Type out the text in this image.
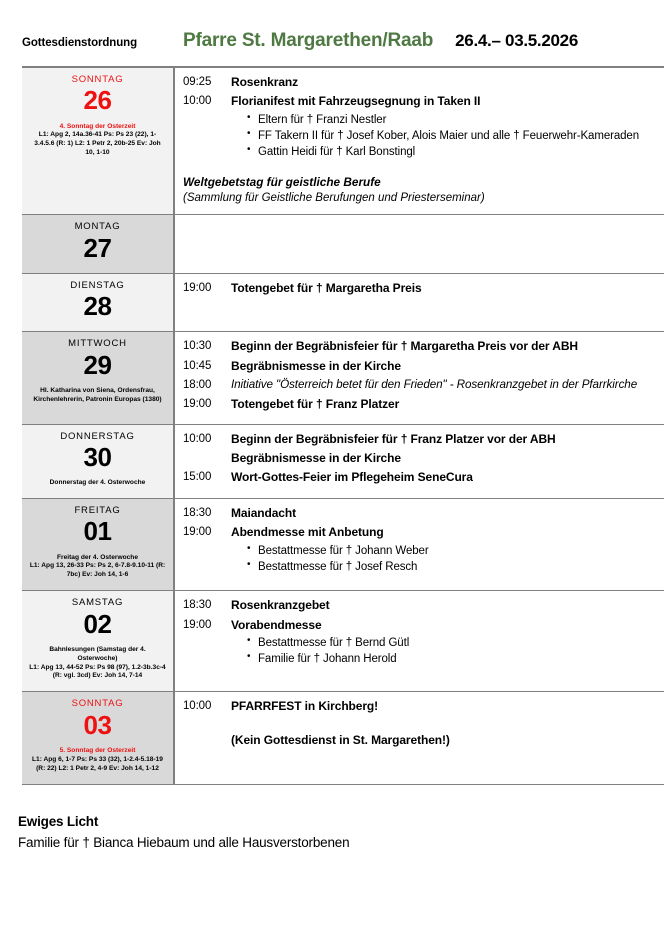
Gottesdienstordnung Pfarre St. Margarethen/Raab 26.4.– 03.5.2026
SONNTAG
26
4. Sonntag der Osterzeit
L1: Apg 2, 14a.36-41 Ps: Ps 23 (22), 1-3.4.5.6 (R: 1) L2: 1 Petr 2, 20b-25 Ev: Joh 10, 1-10

09:25	Rosenkranz
10:00	Florianifest mit Fahrzeugsegnung in Taken II
• Eltern für † Franzi Nestler
• FF Takern II für † Josef Kober, Alois Maier und alle † Feuerwehr-Kameraden
• Gattin Heidi für † Karl Bonstingl
Weltgebetstag für geistliche Berufe
(Sammlung für Geistliche Berufungen und Priesterseminar)

MONTAG
27	

DIENSTAG
28

19:00	Totengebet für † Margaretha Preis

MITTWOCH
29
Hl. Katharina von Siena, Ordensfrau, Kirchenlehrerin, Patronin Europas (1380)

10:30	Beginn der Begräbnisfeier für † Margaretha Preis vor der ABH
10:45	Begräbnismesse in der Kirche
18:00	Initiative "Österreich betet für den Frieden" - Rosenkranzgebet in der Pfarrkirche
19:00	Totengebet für † Franz Platzer

DONNERSTAG
30
Donnerstag der 4. Osterwoche

10:00	Beginn der Begräbnisfeier für † Franz Platzer vor der ABH
Begräbnismesse in der Kirche
15:00	Wort-Gottes-Feier im Pflegeheim SeneCura

FREITAG
01
Freitag der 4. Osterwoche
L1: Apg 13, 26-33 Ps: Ps 2, 6-7.8-9.10-11 (R: 7bc) Ev: Joh 14, 1-6

18:30	Maiandacht
19:00	Abendmesse mit Anbetung
• Bestattmesse für † Johann Weber
• Bestattmesse für † Josef Resch

SAMSTAG
02
Bahnlesungen (Samstag der 4. Osterwoche)
L1: Apg 13, 44-52 Ps: Ps 98 (97), 1.2-3b.3c-4 (R: vgl. 3cd) Ev: Joh 14, 7-14

18:30	Rosenkranzgebet
19:00	Vorabendmesse
• Bestattmesse für † Bernd Gütl
• Familie für † Johann Herold

SONNTAG
03
5. Sonntag der Osterzeit
L1: Apg 6, 1-7 Ps: Ps 33 (32), 1-2.4-5.18-19 (R: 22) L2: 1 Petr 2, 4-9 Ev: Joh 14, 1-12

10:00	PFARRFEST in Kirchberg!
(Kein Gottesdienst in St. Margarethen!)
Ewiges Licht
Familie für † Bianca Hiebaum und alle Hausverstorbenen
